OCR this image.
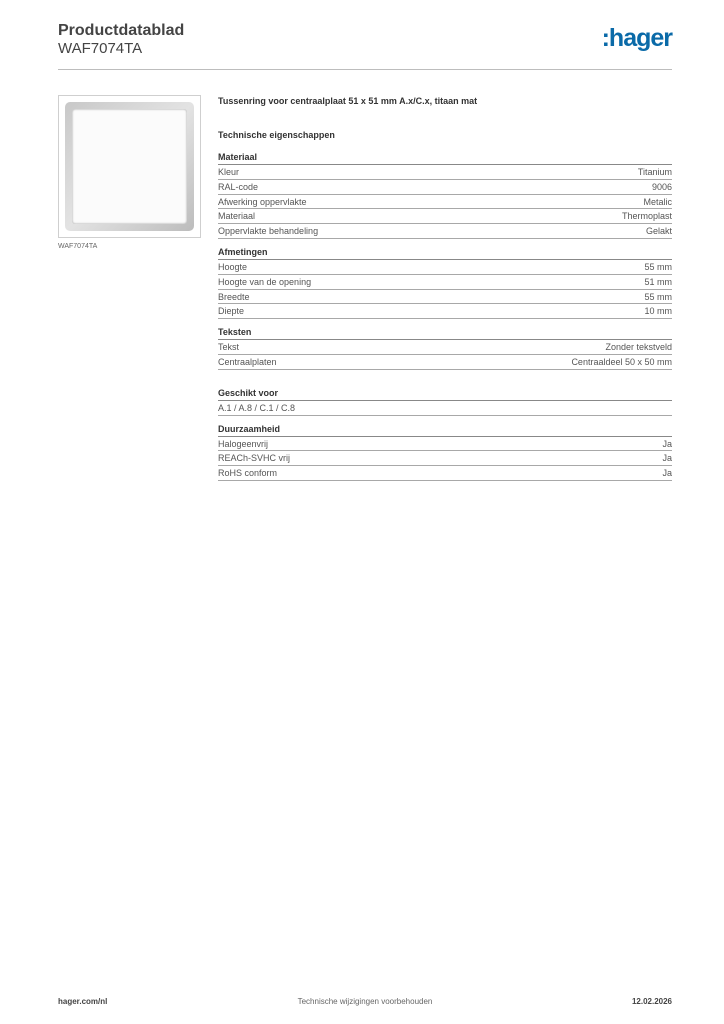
Productdatablad
WAF7074TA	:hager
WAF7074TA
Tussenring voor centraalplaat 51 x 51 mm A.x/C.x, titaan mat
Technische eigenschappen
Materiaal
Kleur	Titanium
RAL-code	9006
Afwerking oppervlakte	Metalic
Materiaal	Thermoplast
Oppervlakte behandeling	Gelakt
Afmetingen
Hoogte	55 mm
Hoogte van de opening	51 mm
Breedte	55 mm
Diepte	10 mm
Teksten
Tekst	Zonder tekstveld
Centraalplaten	Centraaldeel 50 x 50 mm
Geschikt voor
A.1 / A.8 / C.1 / C.8
Duurzaamheid
Halogeenvrij	Ja
REACh-SVHC vrij	Ja
RoHS conform	Ja
hager.com/nl	Technische wijzigingen voorbehouden	12.02.2026
